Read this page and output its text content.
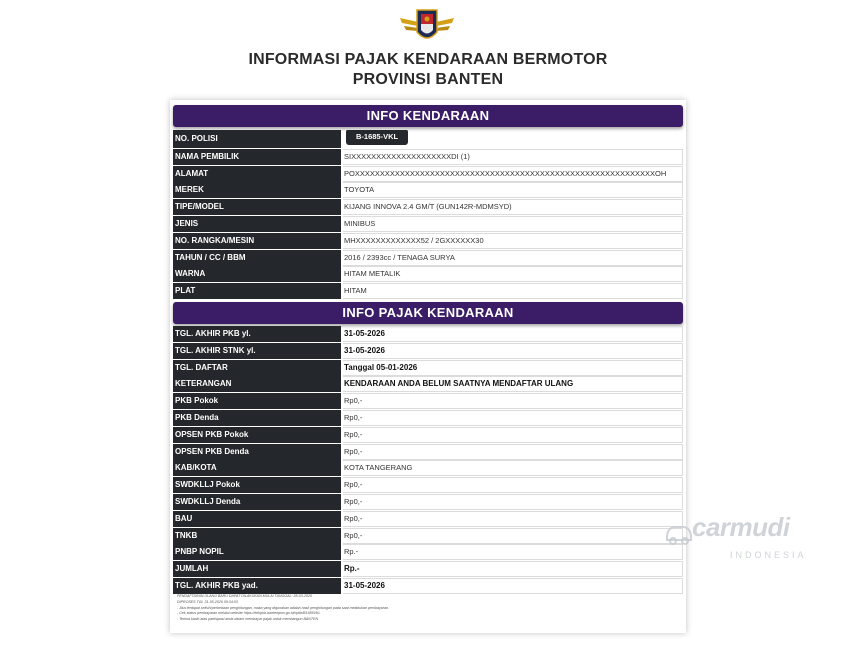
INFORMASI PAJAK KENDARAAN BERMOTOR
PROVINSI BANTEN
INFO KENDARAAN
NO. POLISI	B-1685-VKL
NAMA PEMBILIK	SIXXXXXXXXXXXXXXXXXXXXDI (1)
ALAMAT	POXXXXXXXXXXXXXXXXXXXXXXXXXXXXXXXXXXXXXXXXXXXXXXXXXXXXXXXXXXXXOH
MEREK	TOYOTA
TIPE/MODEL	KIJANG INNOVA 2.4 GM/T (GUN142R-MDMSYD)
JENIS	MINIBUS
NO. RANGKA/MESIN	MHXXXXXXXXXXXXX52 / 2GXXXXXX30
TAHUN / CC / BBM	2016 / 2393cc / TENAGA SURYA
WARNA	HITAM METALIK
PLAT	HITAM
INFO PAJAK KENDARAAN
TGL. AKHIR PKB yl.	31-05-2026
TGL. AKHIR STNK yl.	31-05-2026
TGL. DAFTAR	Tanggal 05-01-2026
KETERANGAN	KENDARAAN ANDA BELUM SAATNYA MENDAFTAR ULANG
PKB Pokok	Rp0,-
PKB Denda	Rp0,-
OPSEN PKB Pokok	Rp0,-
OPSEN PKB Denda	Rp0,-
KAB/KOTA	KOTA TANGERANG
SWDKLLJ Pokok	Rp0,-
SWDKLLJ Denda	Rp0,-
BAU	Rp0,-
TNKB	Rp0,-
PNBP NOPIL	Rp.-
JUMLAH	Rp.-
TGL. AKHIR PKB yad.	31-05-2026
PENDAFTARAN ULANG BARU DAPAT DILAKUKAN MULAI TANGGAL: 28-03-2026
DIPROSES TGL 31-05-2026 09:34:03
- Jika terdapat selisih/perbedaan penghitungan, maka yang digunakan adalah hasil penghitungan pada saat melakukan pembayaran.
- Cek status pembayaran melalui website https://infopkb.bantenprov.go.id/cpkb/B1685VKL
- Terima kasih atas partisipasi anda dalam membayar pajak untuk membangun BANTEN
carmudi
INDONESIA
